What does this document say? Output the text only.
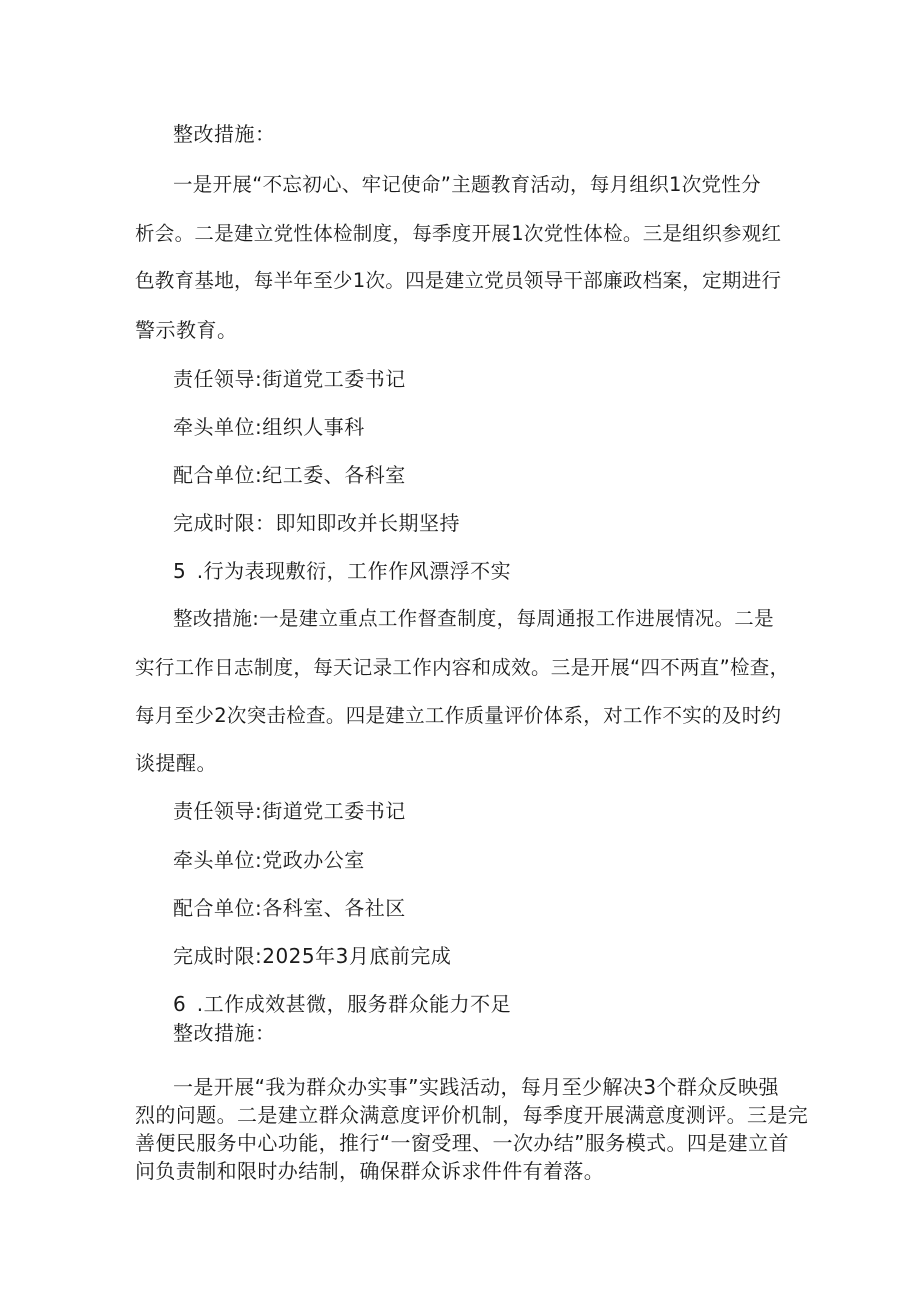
整改措施：
一是开展“不忘初心、牢记使命”主题教育活动，每月组织1次党性分
析会。二是建立党性体检制度，每季度开展1次党性体检。三是组织参观红
色教育基地，每半年至少1次。四是建立党员领导干部廉政档案，定期进行
警示教育。
责任领导:街道党工委书记
牵头单位:组织人事科
配合单位:纪工委、各科室
完成时限：即知即改并长期坚持
5 .行为表现敷衍，工作作风漂浮不实
整改措施:一是建立重点工作督查制度，每周通报工作进展情况。二是
实行工作日志制度，每天记录工作内容和成效。三是开展“四不两直”检查，
每月至少2次突击检查。四是建立工作质量评价体系，对工作不实的及时约
谈提醒。
责任领导:街道党工委书记
牵头单位:党政办公室
配合单位:各科室、各社区
完成时限:2025年3月底前完成
6 .工作成效甚微，服务群众能力不足
整改措施：
一是开展“我为群众办实事”实践活动，每月至少解决3个群众反映强
烈的问题。二是建立群众满意度评价机制，每季度开展满意度测评。三是完
善便民服务中心功能，推行“一窗受理、一次办结”服务模式。四是建立首
问负责制和限时办结制，确保群众诉求件件有着落。
